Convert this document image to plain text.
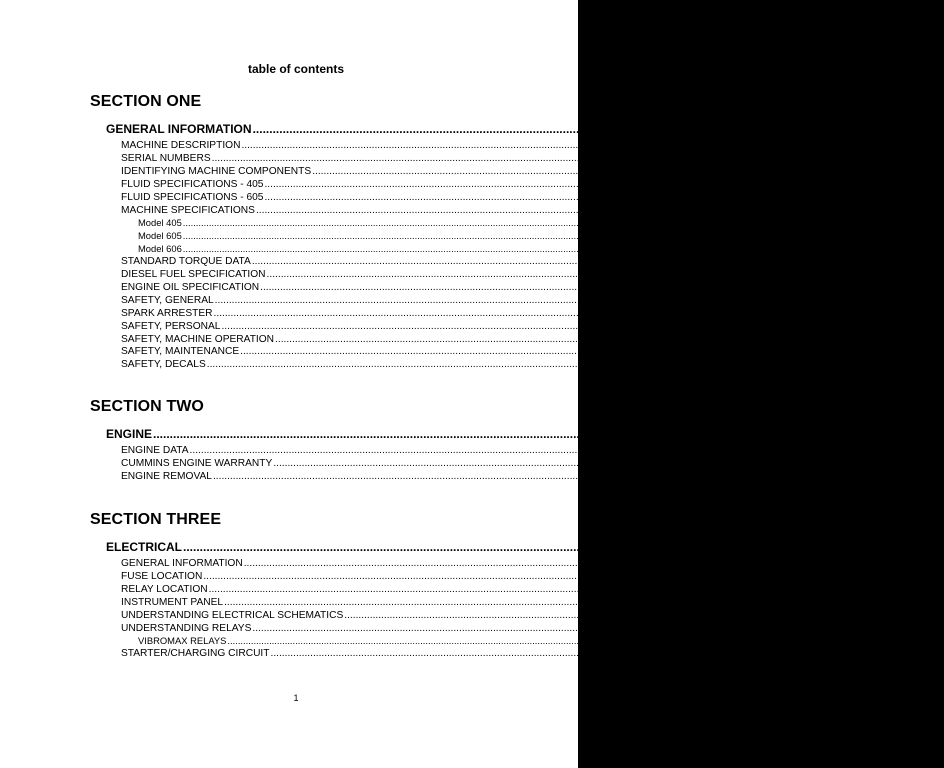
table of contents
SECTION ONE
GENERAL INFORMATION ........................................................................................................................................................................................................ 1 - 1
MACHINE DESCRIPTION ........................................................................................................................................................................................................ 1 - 3
SERIAL NUMBERS ........................................................................................................................................................................................................ 1 - 5
IDENTIFYING MACHINE COMPONENTS ........................................................................................................................................................................................................ 1 - 6
FLUID SPECIFICATIONS - 405 ........................................................................................................................................................................................................ 1 - 8
FLUID SPECIFICATIONS - 605 ........................................................................................................................................................................................................ 1 - 9
MACHINE SPECIFICATIONS ........................................................................................................................................................................................................ 1 - 10
Model 405 ........................................................................................................................................................................................................ 1 - 11
Model 605 ........................................................................................................................................................................................................ 1 - 13
Model 606 ........................................................................................................................................................................................................ 1 - 15
STANDARD TORQUE DATA ........................................................................................................................................................................................................ 1 - 16
DIESEL FUEL SPECIFICATION ........................................................................................................................................................................................................ 1 - 18
ENGINE OIL SPECIFICATION ........................................................................................................................................................................................................ 1 - 19
SAFETY, GENERAL ........................................................................................................................................................................................................ 1 - 20
SPARK ARRESTER ........................................................................................................................................................................................................ 1 - 20
SAFETY, PERSONAL ........................................................................................................................................................................................................ 1 - 21
SAFETY, MACHINE OPERATION ........................................................................................................................................................................................................ 1 - 22
SAFETY, MAINTENANCE ........................................................................................................................................................................................................ 1 - 25
SAFETY, DECALS ........................................................................................................................................................................................................ 1 - 26
SECTION TWO
ENGINE ........................................................................................................................................................................................................ 2 - 1
ENGINE DATA ........................................................................................................................................................................................................ 2 - 2
CUMMINS ENGINE WARRANTY ........................................................................................................................................................................................................ 2 - 3
ENGINE REMOVAL ........................................................................................................................................................................................................ 2 - 4
SECTION THREE
ELECTRICAL ........................................................................................................................................................................................................ 3 - 1
GENERAL INFORMATION ........................................................................................................................................................................................................ 3 - 2
FUSE LOCATION ........................................................................................................................................................................................................ 3 - 3
RELAY LOCATION ........................................................................................................................................................................................................ 3 - 3
INSTRUMENT PANEL ........................................................................................................................................................................................................ 3 - 4
UNDERSTANDING ELECTRICAL SCHEMATICS ........................................................................................................................................................................................................ 3 - 7
UNDERSTANDING RELAYS ........................................................................................................................................................................................................ 3 - 9
VIBROMAX RELAYS ........................................................................................................................................................................................................ 3 - 11
STARTER/CHARGING CIRCUIT ........................................................................................................................................................................................................ 3 - 13
1
